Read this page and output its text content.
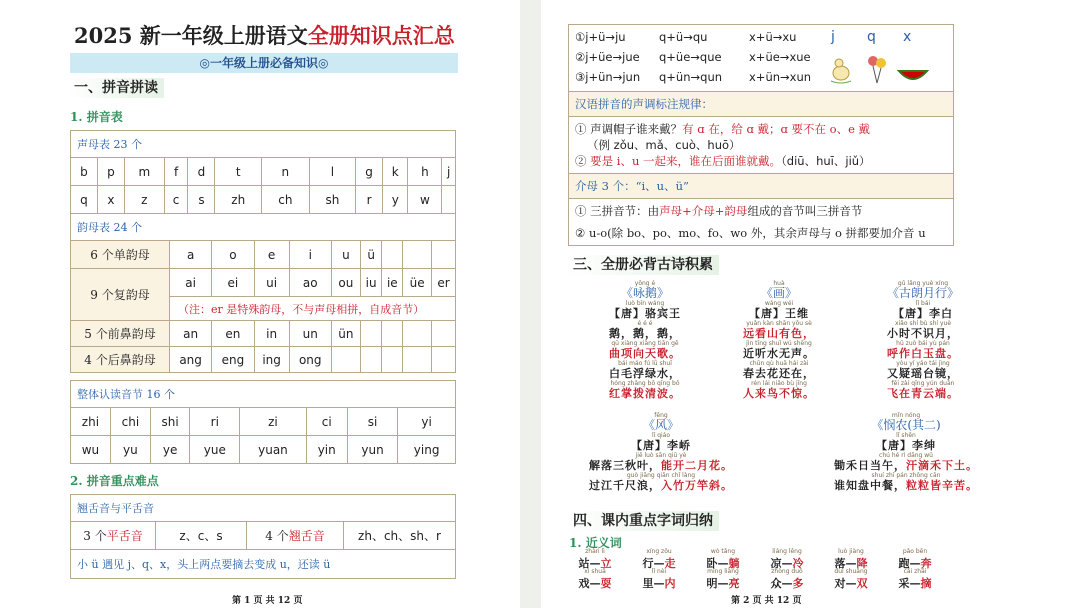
2025 新一年级上册语文全册知识点汇总
◎一年级上册必备知识◎
一、拼音拼读
1. 拼音表
声母表 23 个											
b	p	m	f	d	t	n	l	g	k	h	j
q	x	z	c	s	zh	ch	sh	r	y	w	
韵母表 24 个											
6 个单韵母	a	o	e	i	u	ü			
9 个复韵母	ai	ei	ui	ao	ou	iu	ie	üe	er
	（注：er 是特殊韵母，不与声母相拼，自成音节）								
5 个前鼻韵母	an	en	in	un	ün				
4 个后鼻韵母	ang	eng	ing	ong					
整体认读音节 16 个							
zhi	chi	shi	ri	zi	ci	si	yi
wu	yu	ye	yue	yuan	yin	yun	ying
2. 拼音重点难点
翘舌音与平舌音
3 个平舌音	z、c、s	4 个翘舌音	zh、ch、sh、r
小 ü 遇见 j、q、x，头上两点要摘去变成 u，还读 ü
第 1 页 共 12 页
①j+ü→ju	q+ü→qu	x+ü→xu
②j+üe→jue q+üe→que x+üe→xue
③j+ün→jun q+ün→qun x+ün→xun
j q x
汉语拼音的声调标注规律：
① 声调帽子谁来戴？有 ɑ 在，给 ɑ 戴；ɑ 要不在 o、e 戴
（例 zǒu、mǎ、cuò、huō）
② 要是 i、u 一起来，谁在后面谁就戴。（diū、huī、jiǔ）
介母 3 个：“i、u、ü”
① 三拼音节：由声母+介母+韵母组成的音节叫三拼音节
② u-o(除 bo、po、mo、fo、wo 外，其余声母与 o 拼都要加介音 u
三、全册必背古诗积累
yǒng é
《咏鹅》
luò bīn wáng
【唐】骆宾王
é é é
鹅，鹅，鹅，
qū xiàng xiàng tiān gē
曲项向天歌。
bái máo fú lǜ shuǐ
白毛浮绿水，
hóng zhǎng bō qīng bō
红掌拨清波。
huà
《画》
wáng wéi
【唐】王维
yuǎn kàn shān yǒu sè
远看山有色，
jìn tīng shuǐ wú shēng
近听水无声。
chūn qù huā hái zài
春去花还在，
rén lái niǎo bù jīng
人来鸟不惊。
gǔ lǎng yuè xíng
《古朗月行》
lǐ bái
【唐】李白
xiǎo shí bù shí yuè
小时不识月，
hū zuò bái yù pán
呼作白玉盘。
yòu yí yáo tái jìng
又疑瑶台镜，
fēi zài qīng yún duān
飞在青云端。
fēng
《风》
lǐ qiáo
【唐】李峤
jiě luò sān qiū yè
解落三秋叶，能开二月花。
guò jiāng qiān chǐ làng
过江千尺浪，入竹万竿斜。
mǐn nóng
《悯农(其二)
lǐ shēn
【唐】李绅
chú hé rì dāng wǔ
锄禾日当午，汗滴禾下土。
shuí zhī pán zhōng cān
谁知盘中餐，粒粒皆辛苦。
四、课内重点字词归纳
1. 近义词
zhàn lì
站—立
xíng zǒu
行—走
wò tǎng
卧—躺
liáng lěng
凉—冷
luò jiàng
落—降
pǎo bēn
跑—奔
xì shuǎ
戏—耍
lǐ nèi
里—内
míng liàng
明—亮
zhòng duō
众—多
duì shuāng
对—双
cǎi zhāi
采—摘
第 2 页 共 12 页
